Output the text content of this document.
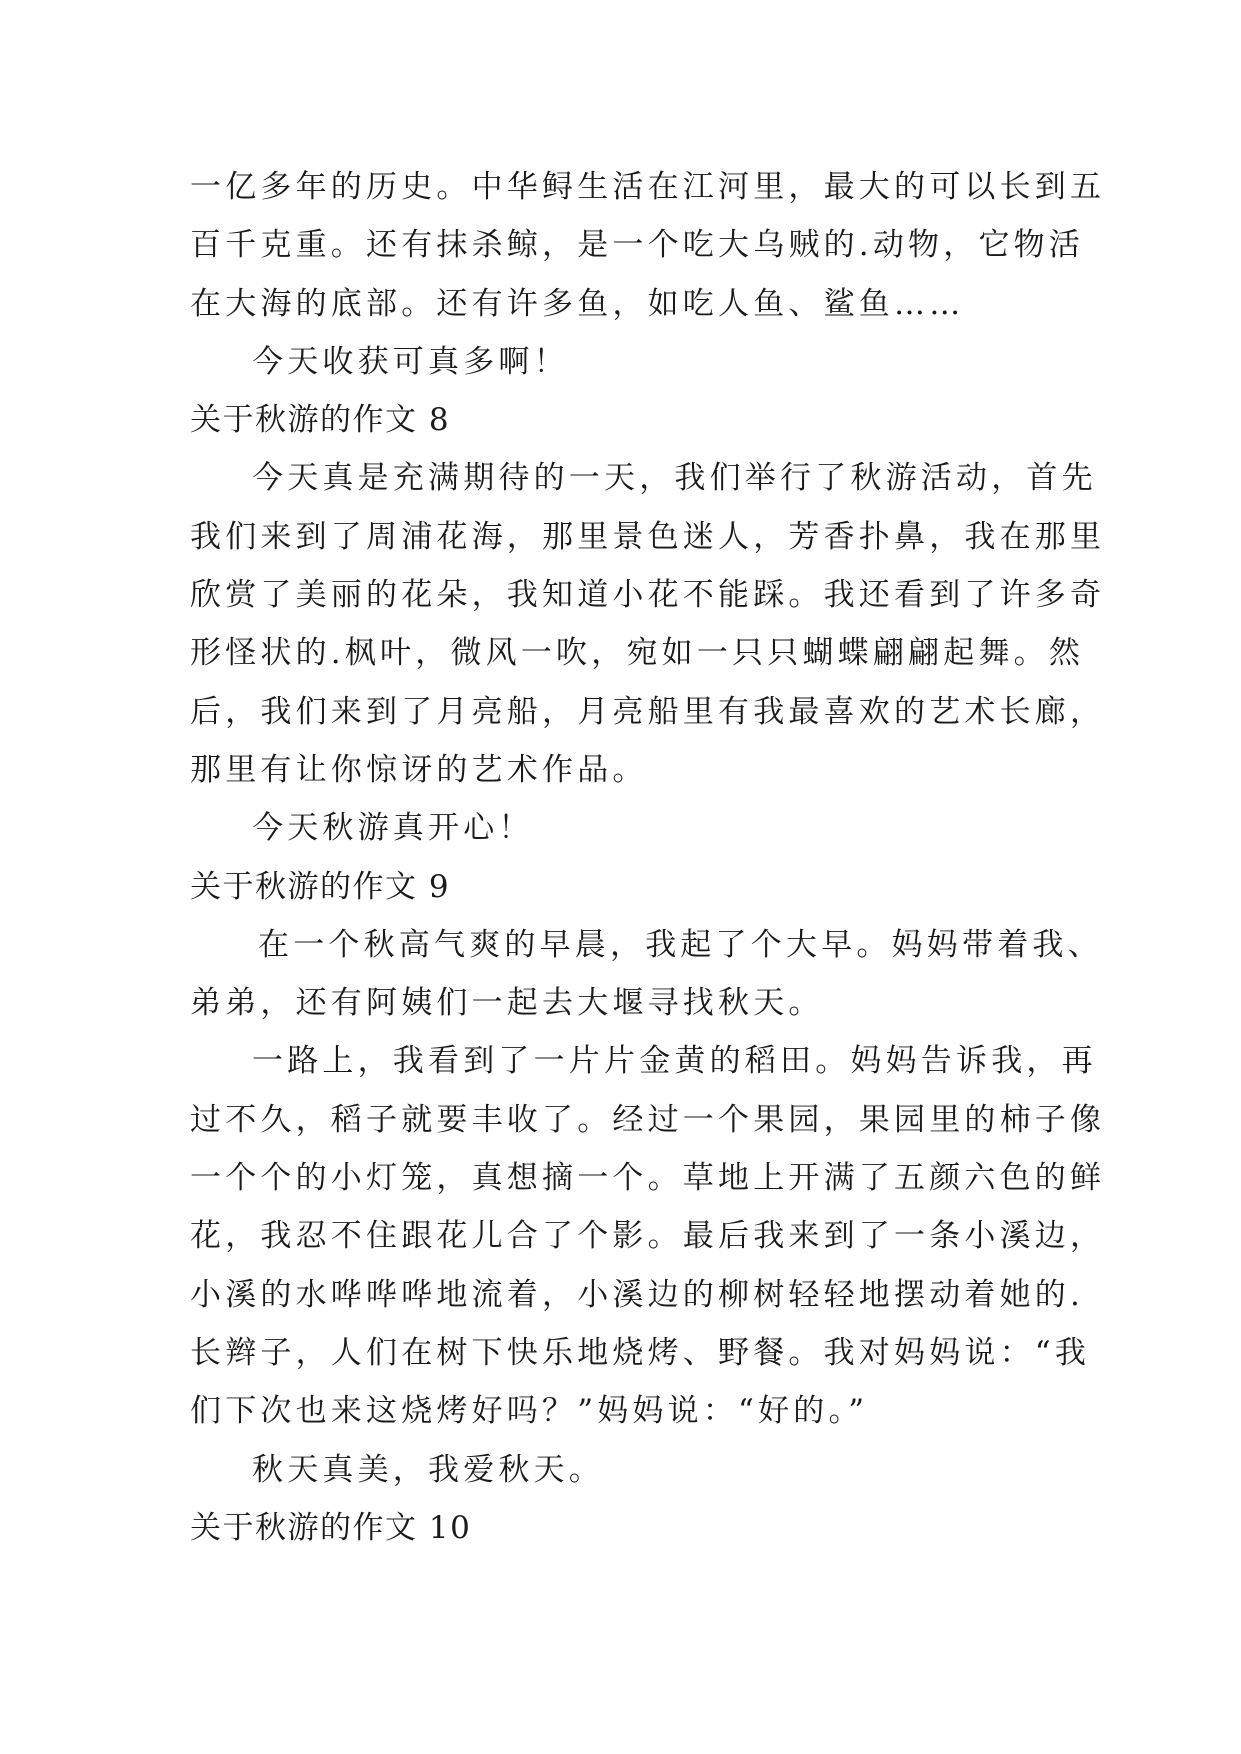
一亿多年的历史。中华鲟生活在江河里，最大的可以长到五
百千克重。还有抹杀鲸，是一个吃大乌贼的.动物，它物活
在大海的底部。还有许多鱼，如吃人鱼、鲨鱼……
今天收获可真多啊！
关于秋游的作文 8
今天真是充满期待的一天，我们举行了秋游活动，首先
我们来到了周浦花海，那里景色迷人，芳香扑鼻，我在那里
欣赏了美丽的花朵，我知道小花不能踩。我还看到了许多奇
形怪状的.枫叶，微风一吹，宛如一只只蝴蝶翩翩起舞。然
后，我们来到了月亮船，月亮船里有我最喜欢的艺术长廊，
那里有让你惊讶的艺术作品。
今天秋游真开心！
关于秋游的作文 9
在一个秋高气爽的早晨，我起了个大早。妈妈带着我、
弟弟，还有阿姨们一起去大堰寻找秋天。
一路上，我看到了一片片金黄的稻田。妈妈告诉我，再
过不久，稻子就要丰收了。经过一个果园，果园里的柿子像
一个个的小灯笼，真想摘一个。草地上开满了五颜六色的鲜
花，我忍不住跟花儿合了个影。最后我来到了一条小溪边，
小溪的水哗哗哗地流着，小溪边的柳树轻轻地摆动着她的.
长辫子，人们在树下快乐地烧烤、野餐。我对妈妈说：“我
们下次也来这烧烤好吗？”妈妈说：“好的。”
秋天真美，我爱秋天。
关于秋游的作文 10
